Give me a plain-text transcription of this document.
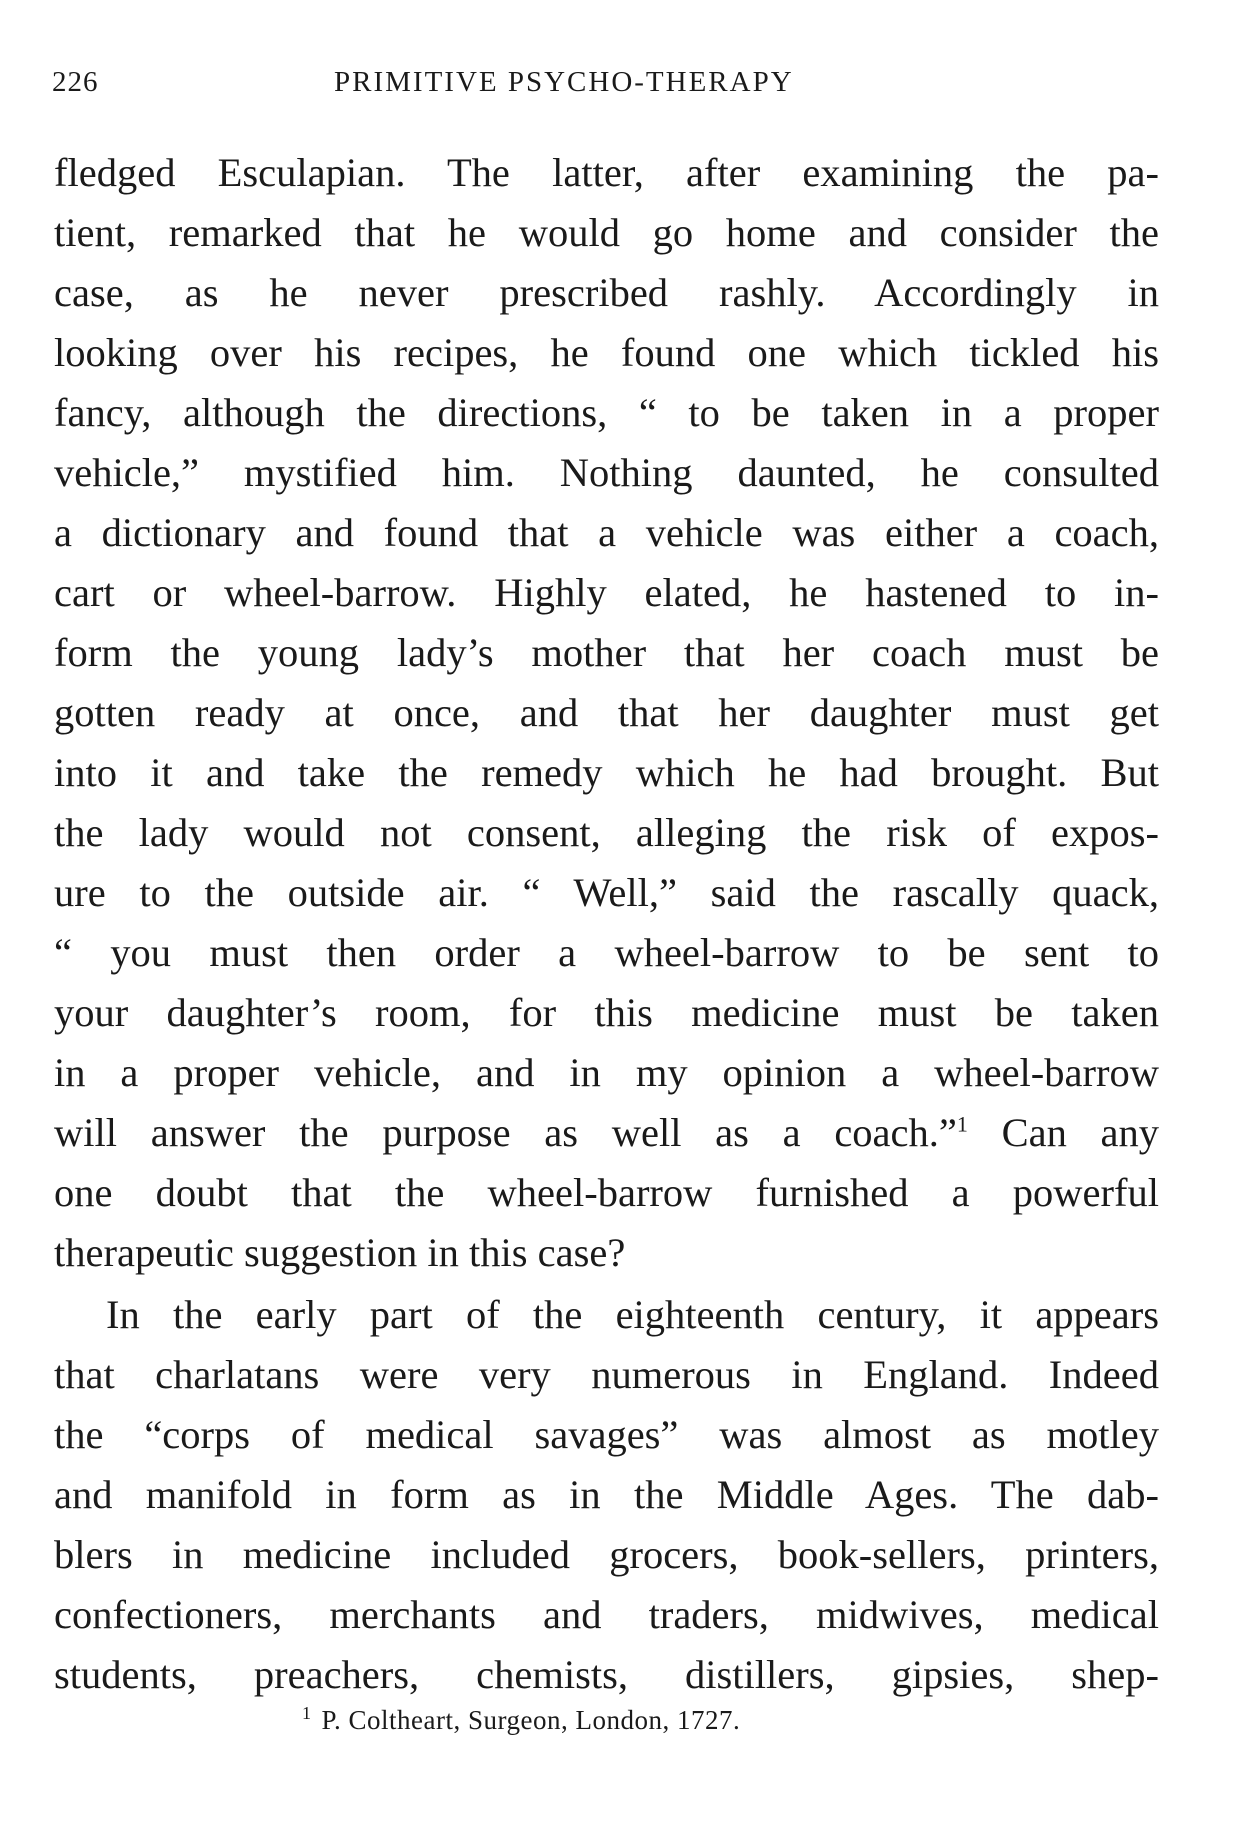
226	PRIMITIVE PSYCHO-THERAPY
fledged Esculapian. The latter, after examining the pa-
tient, remarked that he would go home and consider the
case, as he never prescribed rashly. Accordingly in
looking over his recipes, he found one which tickled his
fancy, although the directions, “ to be taken in a proper
vehicle,” mystified him. Nothing daunted, he consulted
a dictionary and found that a vehicle was either a coach,
cart or wheel-barrow. Highly elated, he hastened to in-
form the young lady’s mother that her coach must be
gotten ready at once, and that her daughter must get
into it and take the remedy which he had brought. But
the lady would not consent, alleging the risk of expos-
ure to the outside air. “ Well,” said the rascally quack,
“ you must then order a wheel-barrow to be sent to
your daughter’s room, for this medicine must be taken
in a proper vehicle, and in my opinion a wheel-barrow
will answer the purpose as well as a coach.”$^1$ Can any
one doubt that the wheel-barrow furnished a powerful
therapeutic suggestion in this case?
In the early part of the eighteenth century, it appears
that charlatans were very numerous in England. Indeed
the “corps of medical savages” was almost as motley
and manifold in form as in the Middle Ages. The dab-
blers in medicine included grocers, book-sellers, printers,
confectioners, merchants and traders, midwives, medical
students, preachers, chemists, distillers, gipsies, shep-
$^1$ P. Coltheart, Surgeon, London, 1727.
